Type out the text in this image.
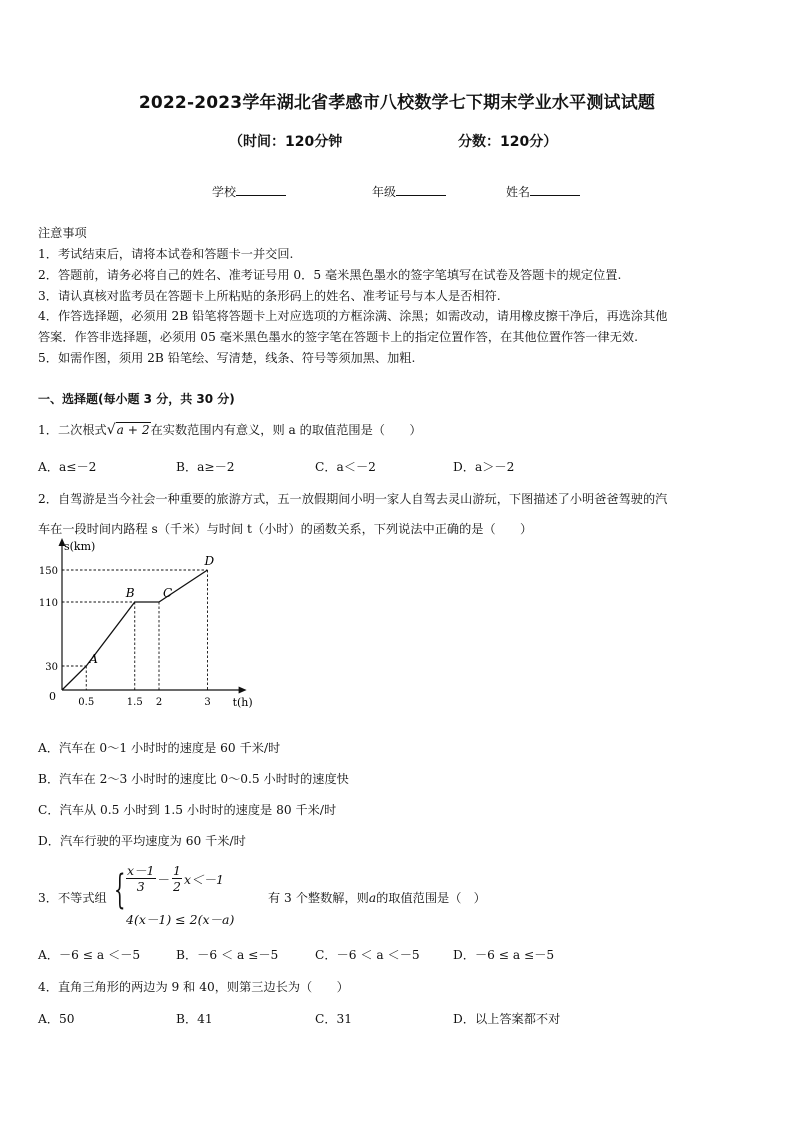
2022-2023学年湖北省孝感市八校数学七下期末学业水平测试试题
（时间：120分钟	分数：120分）
学校	年级	姓名
注意事项
1．考试结束后，请将本试卷和答题卡一并交回.
2．答题前，请务必将自己的姓名、准考证号用 0．5 毫米黑色墨水的签字笔填写在试卷及答题卡的规定位置.
3．请认真核对监考员在答题卡上所粘贴的条形码上的姓名、准考证号与本人是否相符.
4．作答选择题，必须用 2B 铅笔将答题卡上对应选项的方框涂满、涂黑；如需改动，请用橡皮擦干净后，再选涂其他
答案．作答非选择题，必须用 05 毫米黑色墨水的签字笔在答题卡上的指定位置作答，在其他位置作答一律无效.
5．如需作图，须用 2B 铅笔绘、写清楚，线条、符号等须加黑、加粗.
一、选择题(每小题 3 分，共 30 分)
1．二次根式√a + 2在实数范围内有意义，则 a 的取值范围是（　　）
A．a≤－2	B．a≥－2	C．a＜－2	D．a＞－2
2．自驾游是当今社会一种重要的旅游方式，五一放假期间小明一家人自驾去灵山游玩，下图描述了小明爸爸驾驶的汽
车在一段时间内路程 s（千米）与时间 t（小时）的函数关系，下列说法中正确的是（　　）
s(km)
t(h)
0 0.5	1.5 2	3
30
110
150
A
B C
D
A．汽车在 0～1 小时时的速度是 60 千米/时
B．汽车在 2～3 小时时的速度比 0～0.5 小时时的速度快
C．汽车从 0.5 小时到 1.5 小时时的速度是 80 千米/时
D．汽车行驶的平均速度为 60 千米/时
3．不等式组 { $\frac{x-1}{3} - \frac{1}{2} x<-1$
4(x－1) ≤ 2(x－a)
有 3 个整数解，则a的取值范围是（　）
A．－6 ≤ a ＜－5	B．－6 ＜ a ≤－5	C．－6 ＜ a ＜－5	D．－6 ≤ a ≤－5
4．直角三角形的两边为 9 和 40，则第三边长为（　　）
A．50	B．41	C．31	D．以上答案都不对
